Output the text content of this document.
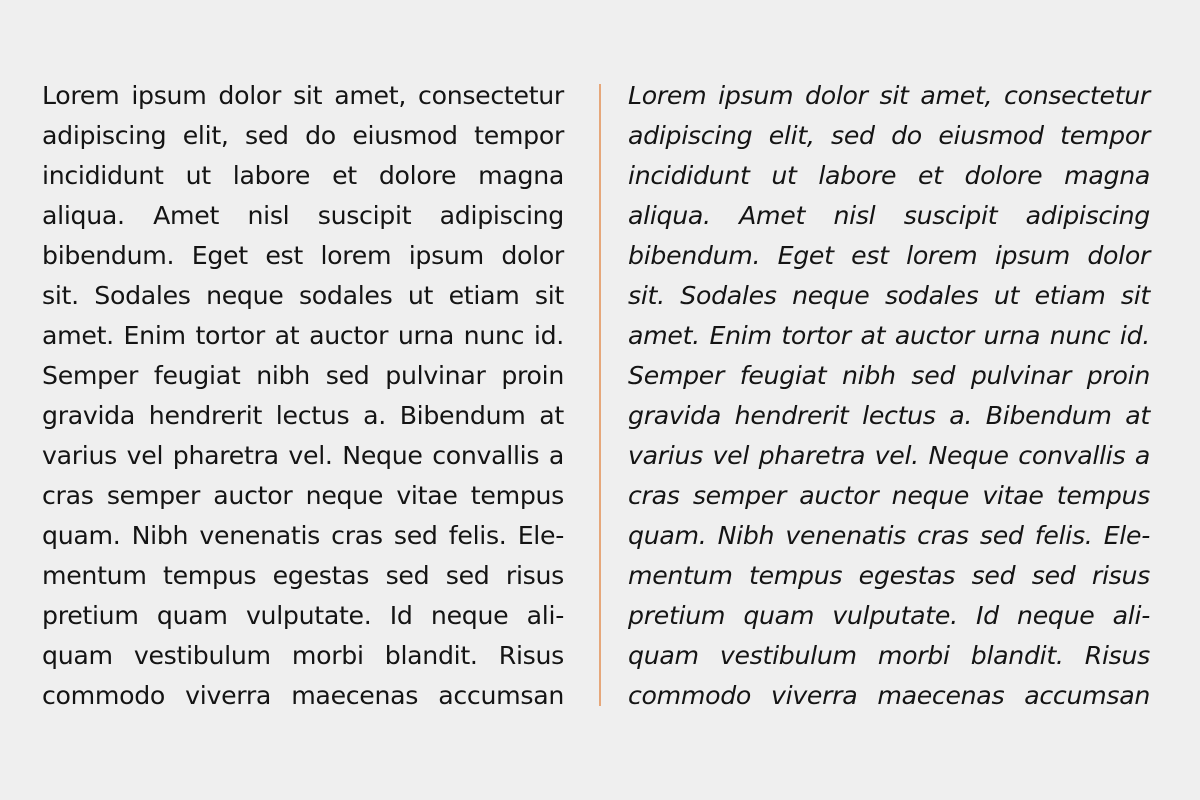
Lorem ipsum dolor sit amet, consectetur
adipiscing elit, sed do eiusmod tempor
incididunt ut labore et dolore magna
aliqua. Amet nisl suscipit adipiscing
bibendum. Eget est lorem ipsum dolor
sit. Sodales neque sodales ut etiam sit
amet. Enim tortor at auctor urna nunc id.
Semper feugiat nibh sed pulvinar proin
gravida hendrerit lectus a. Bibendum at
varius vel pharetra vel. Neque convallis a
cras semper auctor neque vitae tempus
quam. Nibh venenatis cras sed felis. Ele-
mentum tempus egestas sed sed risus
pretium quam vulputate. Id neque ali-
quam vestibulum morbi blandit. Risus
commodo viverra maecenas accumsan
Lorem ipsum dolor sit amet, consectetur
adipiscing elit, sed do eiusmod tempor
incididunt ut labore et dolore magna
aliqua. Amet nisl suscipit adipiscing
bibendum. Eget est lorem ipsum dolor
sit. Sodales neque sodales ut etiam sit
amet. Enim tortor at auctor urna nunc id.
Semper feugiat nibh sed pulvinar proin
gravida hendrerit lectus a. Bibendum at
varius vel pharetra vel. Neque convallis a
cras semper auctor neque vitae tempus
quam. Nibh venenatis cras sed felis. Ele-
mentum tempus egestas sed sed risus
pretium quam vulputate. Id neque ali-
quam vestibulum morbi blandit. Risus
commodo viverra maecenas accumsan
